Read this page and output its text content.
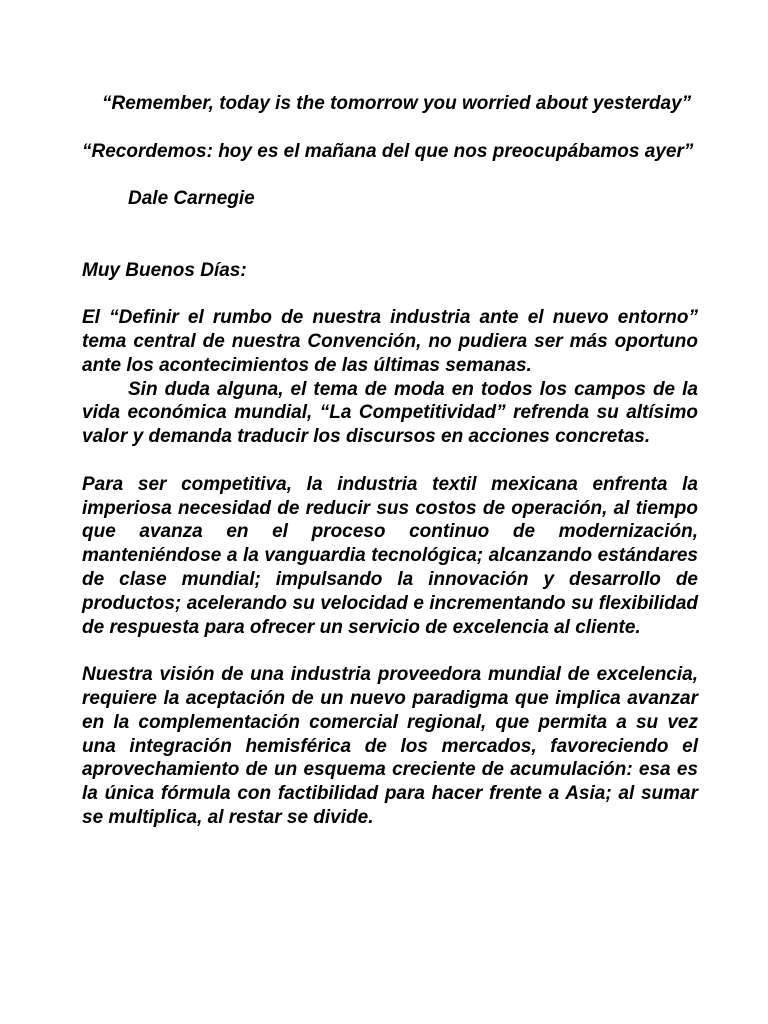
“Remember, today is the tomorrow you worried about yesterday”

“Recordemos: hoy es el mañana del que nos preocupábamos ayer”

Dale Carnegie

Muy Buenos Días:

El “Definir el rumbo de nuestra industria ante el nuevo entorno” tema central de nuestra Convención, no pudiera ser más oportuno ante los acontecimientos de las últimas semanas.

Sin duda alguna, el tema de moda en todos los campos de la vida económica mundial, “La Competitividad” refrenda su altísimo valor y demanda traducir los discursos en acciones concretas.

Para ser competitiva, la industria textil mexicana enfrenta la imperiosa necesidad de reducir sus costos de operación, al tiempo que avanza en el proceso continuo de modernización, manteniéndose a la vanguardia tecnológica; alcanzando estándares de clase mundial; impulsando la innovación y desarrollo de productos; acelerando su velocidad e incrementando su flexibilidad de respuesta para ofrecer un servicio de excelencia al cliente.

Nuestra visión de una industria proveedora mundial de excelencia, requiere la aceptación de un nuevo paradigma que implica avanzar en la complementación comercial regional, que permita a su vez una integración hemisférica de los mercados, favoreciendo el aprovechamiento de un esquema creciente de acumulación: esa es la única fórmula con factibilidad para hacer frente a Asia; al sumar se multiplica, al restar se divide.
